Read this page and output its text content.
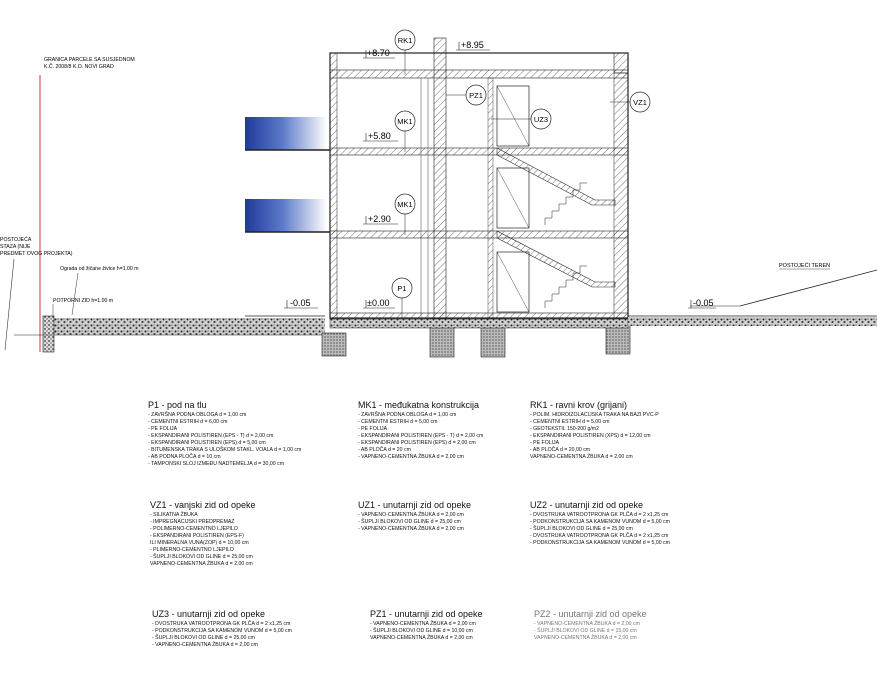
GRANICA PARCELE SA SUSJEDNOM
K.Č. 2008/8 K.O. NOVI GRAD
POSTOJEĆA
STAZA (NIJE
PREDMET OVOG PROJEKTA)
Ograda od žičane živice h=1.00 m
POTPORNI ZID h=1.00 m
POSTOJEĆI TEREN
+8.70
+8.95
+5.80
+2.90
±0.00
-0.05	-0.05
RK1
PZ1
VZ1
UZ3
MK1
MK1
P1
P1 - pod na tlu
- ZAVRŠNA PODNA OBLOGA d = 1,00 cm
- CEMENTNI ESTRIH d = 6,00 cm
- PE FOLIJA
- EKSPANDIRANI POLISTIREN (EPS - T) d = 2,00 cm
- EKSPANDIRANI POLISTIREN (EPS) d = 5,00 cm
- BITUMENSKA TRAKA S ULOŠKOM STAKL. VOALA d = 1,00 cm
- AB PODNA PLOČA d = 10 cm
- TAMPONSKI SLOJ IZMEĐU NADTEMELJA d = 30,00 cm
MK1 - međukatna konstrukcija
- ZAVRŠNA PODNA OBLOGA d = 1,00 cm
- CEMENTNI ESTRIH d = 5,00 cm
- PE FOLIJA
- EKSPANDIRANI POLISTIREN (EPS - T) d = 2,00 cm
- EKSPANDIRANI POLISTIREN (EPS) d = 2,00 cm
- AB PLOČA d = 20 cm
- VAPNENO-CEMENTNA ŽBUKA d = 2,00 cm
RK1 - ravni krov (grijani)
- POLIM. HIDROIZOLACIJSKA TRAKA NA BAZI PVC-P
- CEMENTNI ESTRIH d = 5,00 cm
- GEOTEKSTIL 150-200 g/m2
- EKSPANDIRANI POLISTIREN (XPS) d = 12,00 cm
- PE FOLIJA
- AB PLOČA d = 20,00 cm
VAPNENO-CEMENTNA ŽBUKA d = 2,00 cm
VZ1 - vanjski zid od opeke
- SILIKATNA ŽBUKA
- IMPREGNACIJSKI PREDPREMAZ
- POLIMERNO-CEMENTNO LJEPILO
- EKSPANDIRANI POLISTIREN (EPS-F)
ILI MINERALNA VUNA(ZOP) d = 10,00 cm
- PLIMERNO-CEMENTNO LJEPILO
- ŠUPLJI BLOKOVI OD GLINE d = 25,00 cm
VAPNENO-CEMENTNA ŽBUKA d = 2,00 cm
UZ1 - unutarnji zid od opeke
- VAPNENO-CEMENTNA ŽBUKA d = 2,00 cm
- ŠUPLJI BLOKOVI OD GLINE d = 25,00 cm
- VAPNENO-CEMENTNA ŽBUKA d = 2,00 cm
UZ2 - unutarnji zid od opeke
- DVOSTRUKA VATROOTPRONA GK PLČA d = 2 x1,25 cm
- PODKONSTRUKCIJA SA KAMENOM VUNOM d = 5,00 cm
- ŠUPLJI BLOKOVI OD GLINE d = 25,00 cm
- DVOSTRUKA VATROOTPRONA GK PLČA d = 2 x1,25 cm
- PODKONSTRUKCIJA SA KAMENOM VUNOM d = 5,00 cm
UZ3 - unutarnji zid od opeke
- DVOSTRUKA VATROOTPRONA GK PLČA d = 2 x1,25 cm
- PODKONSTRUKCIJA SA KAMENOM VUNOM d = 5,00 cm
- ŠUPLJI BLOKOVI OD GLINE d = 25,00 cm
- VAPNENO-CEMENTNA ŽBUKA d = 2,00 cm
PZ1 - unutarnji zid od opeke
- VAPNENO-CEMENTNA ŽBUKA d = 2,00 cm
- ŠUPLJI BLOKOVI OD GLINE d = 10,00 cm
VAPNENO-CEMENTNA ŽBUKA d = 2,00 cm
PZ2 - unutarnji zid od opeke
- VAPNENO-CEMENTNA ŽBUKA d = 2,00 cm
- ŠUPLJI BLOKOVI OD GLINE d = 15,00 cm
VAPNENO-CEMENTNA ŽBUKA d = 2,00 cm
